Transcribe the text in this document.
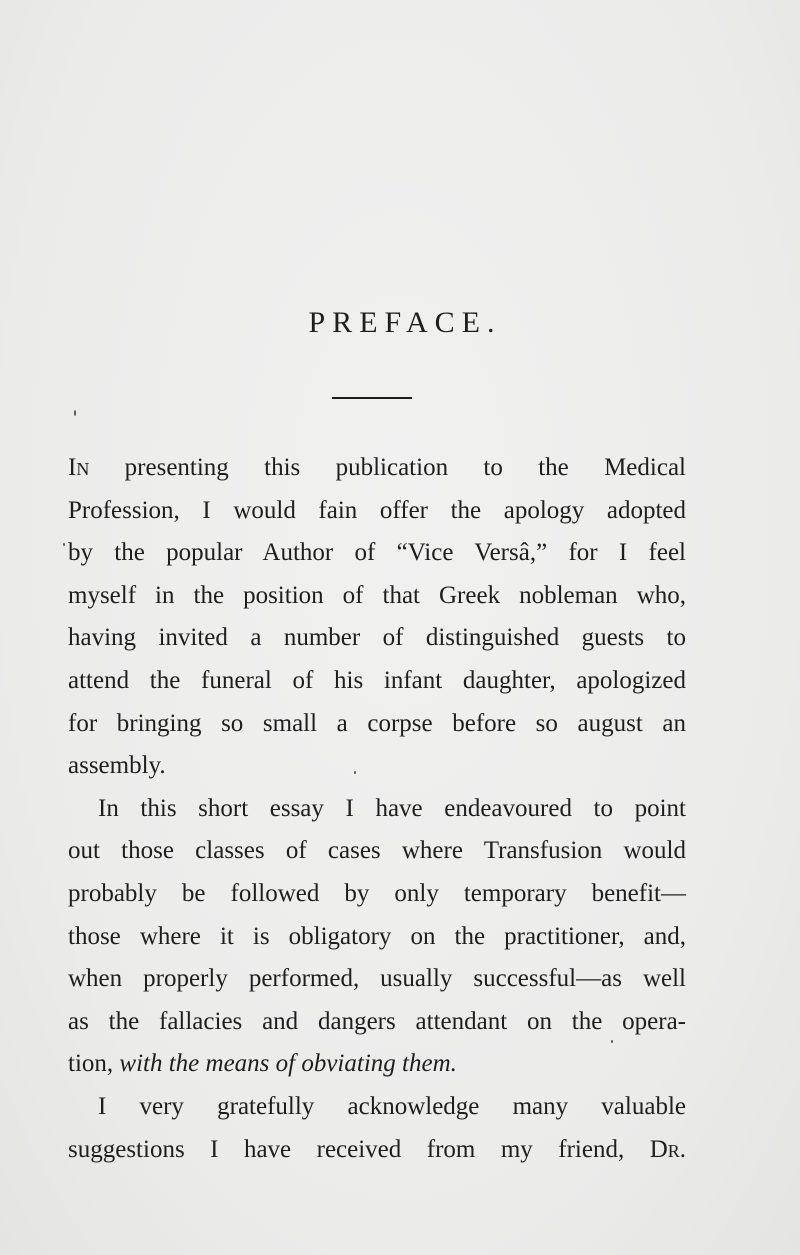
PREFACE.
In presenting this publication to the Medical
Profession, I would fain offer the apology adopted
by the popular Author of “Vice Versâ,” for I feel
myself in the position of that Greek nobleman who,
having invited a number of distinguished guests to
attend the funeral of his infant daughter, apologized
for bringing so small a corpse before so august an
assembly.
In this short essay I have endeavoured to point
out those classes of cases where Transfusion would
probably be followed by only temporary benefit—
those where it is obligatory on the practitioner, and,
when properly performed, usually successful—as well
as the fallacies and dangers attendant on the opera-
tion, with the means of obviating them.
I very gratefully acknowledge many valuable
suggestions I have received from my friend, Dr.
